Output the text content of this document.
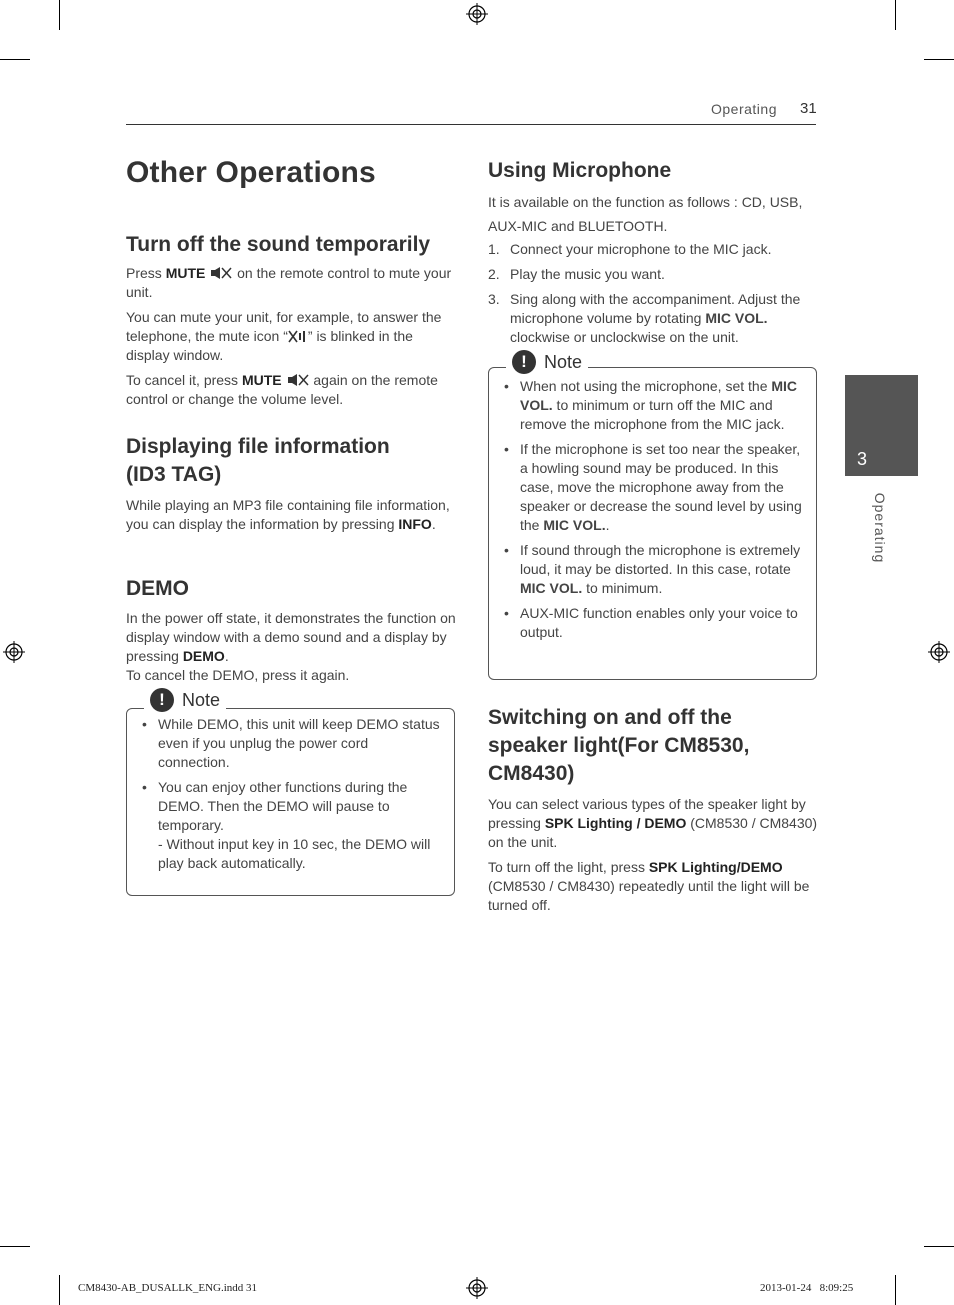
Operating 31
Other Operations
Turn off the sound temporarily
Press MUTE  on the remote control to mute your unit.
You can mute your unit, for example, to answer the telephone, the mute icon “ ” is blinked in the display window.
To cancel it, press MUTE  again on the remote control or change the volume level.
Displaying file information
(ID3 TAG)
While playing an MP3 file containing file information, you can display the information by pressing INFO.
DEMO
In the power off state, it demonstrates the function on display window with a demo sound and a display by pressing DEMO.
To cancel the DEMO, press it again.
! Note
• While DEMO, this unit will keep DEMO status even if you unplug the power cord connection.
• You can enjoy other functions during the DEMO. Then the DEMO will pause to temporary.
- Without input key in 10 sec, the DEMO will play back automatically.
Using Microphone
It is available on the function as follows : CD, USB, AUX-MIC and BLUETOOTH.
1. Connect your microphone to the MIC jack.
2. Play the music you want.
3. Sing along with the accompaniment. Adjust the microphone volume by rotating MIC VOL. clockwise or unclockwise on the unit.
! Note
• When not using the microphone, set the MIC VOL. to minimum or turn off the MIC and remove the microphone from the MIC jack.
• If the microphone is set too near the speaker, a howling sound may be produced. In this case, move the microphone away from the speaker or decrease the sound level by using the MIC VOL..
• If sound through the microphone is extremely loud, it may be distorted. In this case, rotate MIC VOL. to minimum.
• AUX-MIC function enables only your voice to output.
Switching on and off the
speaker light(For CM8530,
CM8430)
You can select various types of the speaker light by pressing SPK Lighting / DEMO (CM8530 / CM8430) on the unit.
To turn off the light, press SPK Lighting/DEMO (CM8530 / CM8430) repeatedly until the light will be turned off.
3
Operating
CM8430-AB_DUSALLK_ENG.indd 31	2013-01-24   8:09:25
